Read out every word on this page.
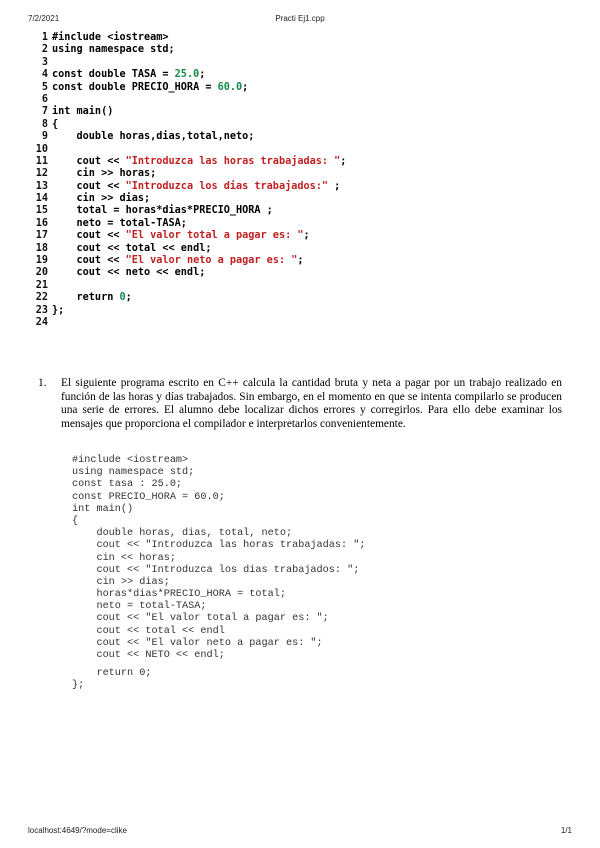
7/2/2021	Practi Ej1.cpp
1 #include <iostream>
2 using namespace std;
3
4 const double TASA = 25.0;
5 const double PRECIO_HORA = 60.0;
6
7 int main()
8 {
9    double horas,dias,total,neto;
10
11    cout << "Introduzca las horas trabajadas: ";
12    cin >> horas;
13    cout << "Introduzca los dias trabajados:" ;
14    cin >> dias;
15    total = horas*dias*PRECIO_HORA ;
16    neto = total-TASA;
17    cout << "El valor total a pagar es: ";
18    cout << total << endl;
19    cout << "El valor neto a pagar es: ";
20    cout << neto << endl;
21
22    return 0;
23 };
24
1. El siguiente programa escrito en C++ calcula la cantidad bruta y neta a pagar por un trabajo realizado en función de las horas y días trabajados. Sin embargo, en el momento en que se intenta compilarlo se producen una serie de errores. El alumno debe localizar dichos errores y corregirlos. Para ello debe examinar los mensajes que proporciona el compilador e interpretarlos convenientemente.
#include <iostream>
using namespace std;
const tasa : 25.0;
const PRECIO_HORA = 60.0;
int main()
{
double horas, dias, total, neto;
cout << "Introduzca las horas trabajadas: ";
cin << horas;
cout << "Introduzca los dias trabajados: ";
cin >> dias;
horas*dias*PRECIO_HORA = total;
neto = total-TASA;
cout << "El valor total a pagar es: ";
cout << total << endl
cout << "El valor neto a pagar es: ";
cout << NETO << endl;
return 0;
};
localhost:4649/?mode=clike	1/1
